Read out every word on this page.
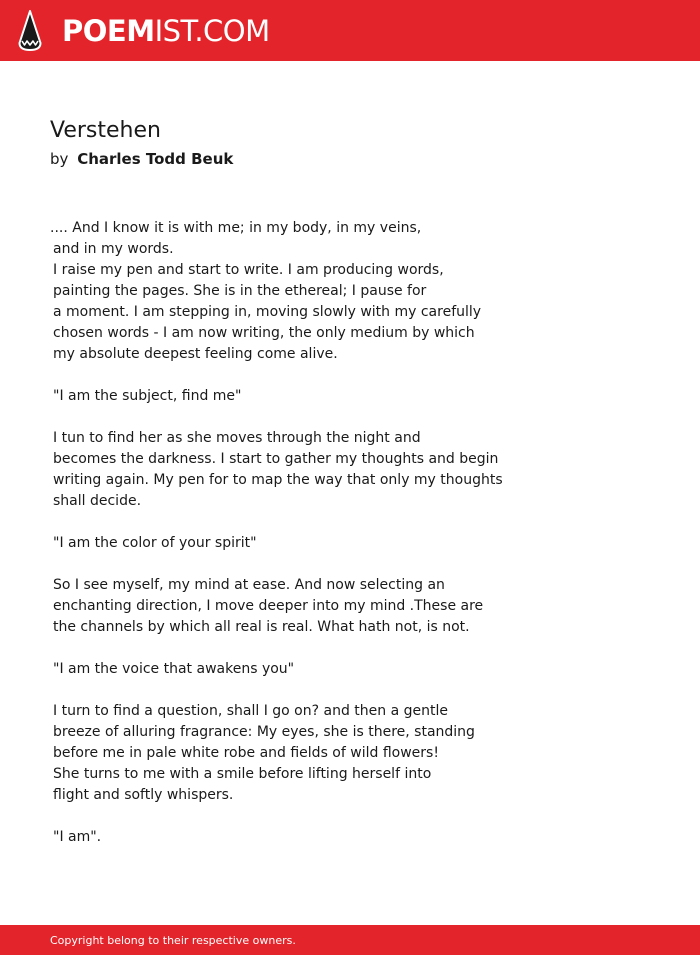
POEMIST.COM
Verstehen
by Charles Todd Beuk
.... And I know it is with me; in my body, in my veins,
and in my words.
I raise my pen and start to write. I am producing words,
painting the pages. She is in the ethereal; I pause for
a moment. I am stepping in, moving slowly with my carefully
chosen words - I am now writing, the only medium by which
my absolute deepest feeling come alive.
"I am the subject, find me"
I tun to find her as she moves through the night and
becomes the darkness. I start to gather my thoughts and begin
writing again. My pen for to map the way that only my thoughts
shall decide.
"I am the color of your spirit"
So I see myself, my mind at ease. And now selecting an
enchanting direction, I move deeper into my mind .These are
the channels by which all real is real. What hath not, is not.
"I am the voice that awakens you"
I turn to find a question, shall I go on? and then a gentle
breeze of alluring fragrance: My eyes, she is there, standing
before me in pale white robe and fields of wild flowers!
She turns to me with a smile before lifting herself into
flight and softly whispers.
"I am".
Copyright belong to their respective owners.
